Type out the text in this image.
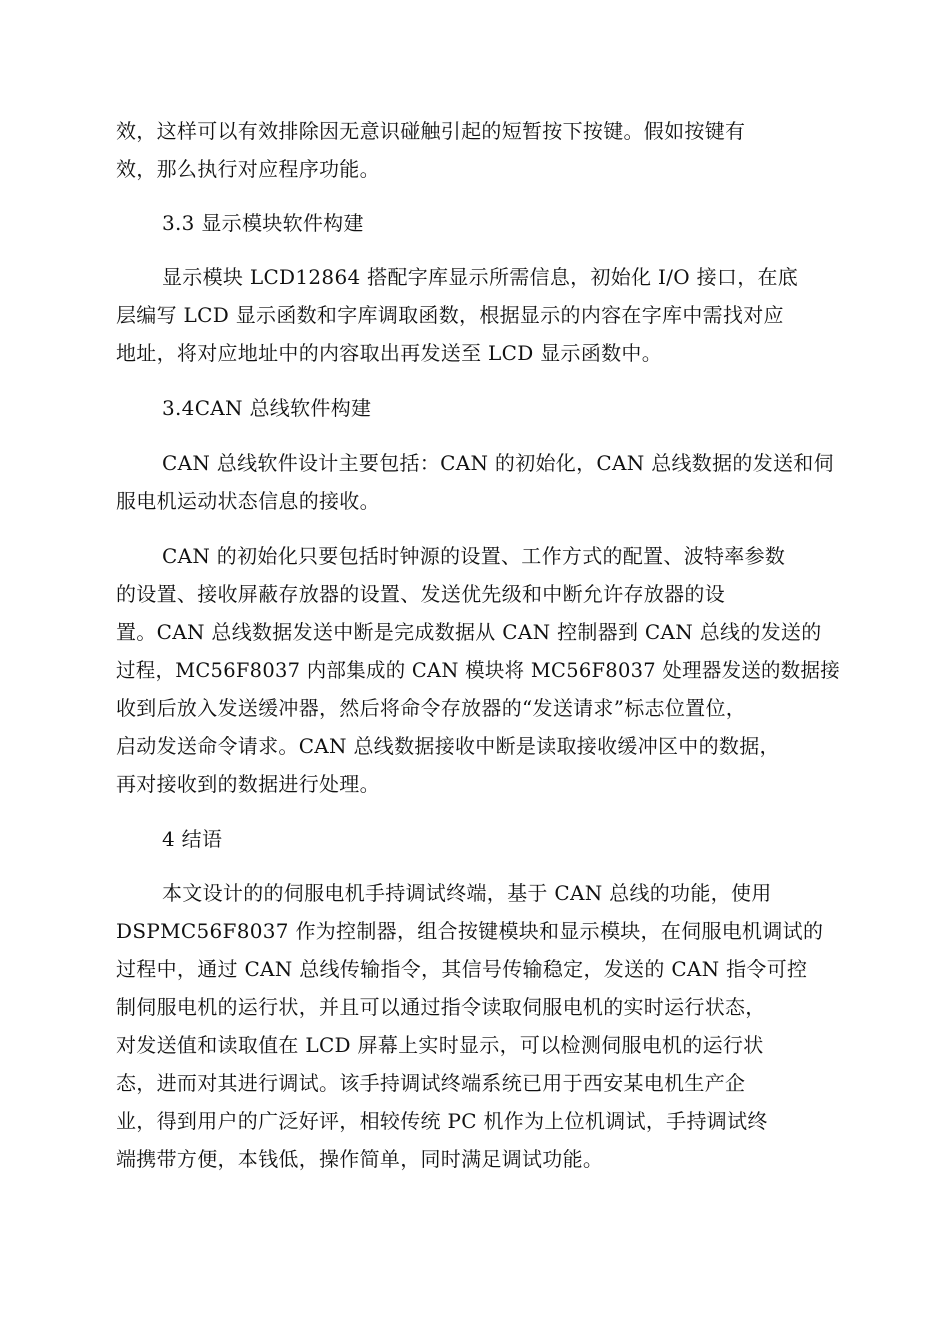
效，这样可以有效排除因无意识碰触引起的短暂按下按键。假如按键有
效，那么执行对应程序功能。
3.3 显示模块软件构建
显示模块 LCD12864 搭配字库显示所需信息，初始化 I/O 接口，在底
层编写 LCD 显示函数和字库调取函数，根据显示的内容在字库中需找对应
地址，将对应地址中的内容取出再发送至 LCD 显示函数中。
3.4CAN 总线软件构建
CAN 总线软件设计主要包括：CAN 的初始化，CAN 总线数据的发送和伺
服电机运动状态信息的接收。
CAN 的初始化只要包括时钟源的设置、工作方式的配置、波特率参数
的设置、接收屏蔽存放器的设置、发送优先级和中断允许存放器的设
置。CAN 总线数据发送中断是完成数据从 CAN 控制器到 CAN 总线的发送的
过程，MC56F8037 内部集成的 CAN 模块将 MC56F8037 处理器发送的数据接
收到后放入发送缓冲器，然后将命令存放器的“发送请求”标志位置位，
启动发送命令请求。CAN 总线数据接收中断是读取接收缓冲区中的数据，
再对接收到的数据进行处理。
4 结语
本文设计的的伺服电机手持调试终端，基于 CAN 总线的功能，使用
DSPMC56F8037 作为控制器，组合按键模块和显示模块，在伺服电机调试的
过程中，通过 CAN 总线传输指令，其信号传输稳定，发送的 CAN 指令可控
制伺服电机的运行状，并且可以通过指令读取伺服电机的实时运行状态，
对发送值和读取值在 LCD 屏幕上实时显示，可以检测伺服电机的运行状
态，进而对其进行调试。该手持调试终端系统已用于西安某电机生产企
业，得到用户的广泛好评，相较传统 PC 机作为上位机调试，手持调试终
端携带方便，本钱低，操作简单，同时满足调试功能。
